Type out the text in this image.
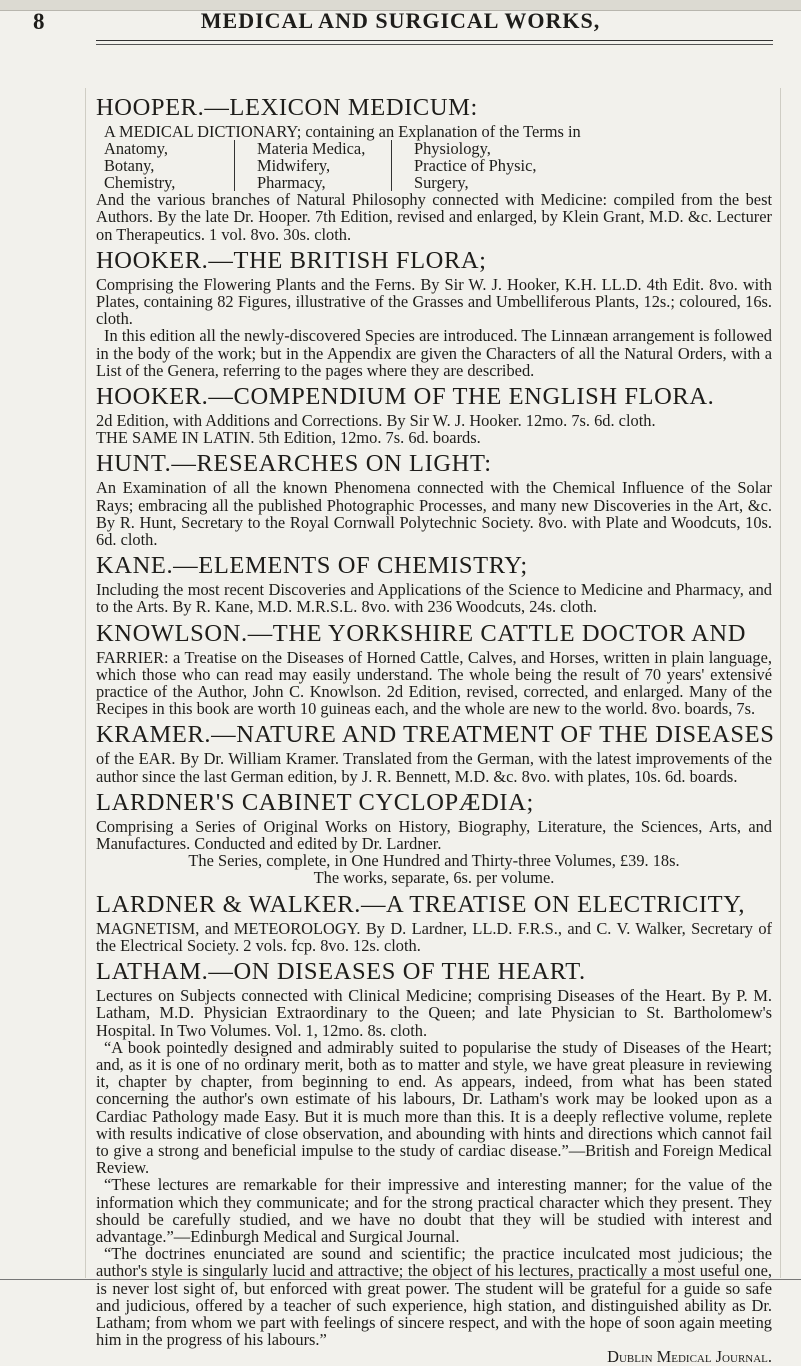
8	MEDICAL AND SURGICAL WORKS,
HOOPER.—LEXICON MEDICUM:

A MEDICAL DICTIONARY; containing an Explanation of the Terms in

Anatomy,
Botany,
Chemistry,
Materia Medica,
Midwifery,
Pharmacy,
Physiology,
Practice of Physic,
Surgery,

And the various branches of Natural Philosophy connected with Medicine: compiled from the best Authors. By the late Dr. Hooper. 7th Edition, revised and enlarged, by Klein Grant, M.D. &c. Lecturer on Therapeutics. 1 vol. 8vo. 30s. cloth.

HOOKER.—THE BRITISH FLORA;

Comprising the Flowering Plants and the Ferns. By Sir W. J. Hooker, K.H. LL.D. 4th Edit. 8vo. with Plates, containing 82 Figures, illustrative of the Grasses and Umbelliferous Plants, 12s.; coloured, 16s. cloth.

In this edition all the newly-discovered Species are introduced. The Linnæan arrangement is followed in the body of the work; but in the Appendix are given the Characters of all the Natural Orders, with a List of the Genera, referring to the pages where they are described.

HOOKER.—COMPENDIUM OF THE ENGLISH FLORA.

2d Edition, with Additions and Corrections. By Sir W. J. Hooker. 12mo. 7s. 6d. cloth.

THE SAME IN LATIN. 5th Edition, 12mo. 7s. 6d. boards.

HUNT.—RESEARCHES ON LIGHT:

An Examination of all the known Phenomena connected with the Chemical Influence of the Solar Rays; embracing all the published Photographic Processes, and many new Discoveries in the Art, &c. By R. Hunt, Secretary to the Royal Cornwall Polytechnic Society. 8vo. with Plate and Woodcuts, 10s. 6d. cloth.

KANE.—ELEMENTS OF CHEMISTRY;

Including the most recent Discoveries and Applications of the Science to Medicine and Pharmacy, and to the Arts. By R. Kane, M.D. M.R.S.L. 8vo. with 236 Woodcuts, 24s. cloth.

KNOWLSON.—THE YORKSHIRE CATTLE DOCTOR AND

FARRIER: a Treatise on the Diseases of Horned Cattle, Calves, and Horses, written in plain language, which those who can read may easily understand. The whole being the result of 70 years' extensivé practice of the Author, John C. Knowlson. 2d Edition, revised, corrected, and enlarged. Many of the Recipes in this book are worth 10 guineas each, and the whole are new to the world. 8vo. boards, 7s.

KRAMER.—NATURE AND TREATMENT OF THE DISEASES

of the EAR. By Dr. William Kramer. Translated from the German, with the latest improvements of the author since the last German edition, by J. R. Bennett, M.D. &c. 8vo. with plates, 10s. 6d. boards.

LARDNER'S CABINET CYCLOPÆDIA;

Comprising a Series of Original Works on History, Biography, Literature, the Sciences, Arts, and Manufactures. Conducted and edited by Dr. Lardner.

The Series, complete, in One Hundred and Thirty-three Volumes, £39. 18s.

The works, separate, 6s. per volume.

LARDNER & WALKER.—A TREATISE ON ELECTRICITY,

MAGNETISM, and METEOROLOGY. By D. Lardner, LL.D. F.R.S., and C. V. Walker, Secretary of the Electrical Society. 2 vols. fcp. 8vo. 12s. cloth.

LATHAM.—ON DISEASES OF THE HEART.

Lectures on Subjects connected with Clinical Medicine; comprising Diseases of the Heart. By P. M. Latham, M.D. Physician Extraordinary to the Queen; and late Physician to St. Bartholomew's Hospital. In Two Volumes. Vol. 1, 12mo. 8s. cloth.

“A book pointedly designed and admirably suited to popularise the study of Diseases of the Heart; and, as it is one of no ordinary merit, both as to matter and style, we have great pleasure in reviewing it, chapter by chapter, from beginning to end. As appears, indeed, from what has been stated concerning the author's own estimate of his labours, Dr. Latham's work may be looked upon as a Cardiac Pathology made Easy. But it is much more than this. It is a deeply reflective volume, replete with results indicative of close observation, and abounding with hints and directions which cannot fail to give a strong and beneficial impulse to the study of cardiac disease.”—British and Foreign Medical Review.

“These lectures are remarkable for their impressive and interesting manner; for the value of the information which they communicate; and for the strong practical character which they present. They should be carefully studied, and we have no doubt that they will be studied with interest and advantage.”—Edinburgh Medical and Surgical Journal.

“The doctrines enunciated are sound and scientific; the practice inculcated most judicious; the author's style is singularly lucid and attractive; the object of his lectures, practically a most useful one, is never lost sight of, but enforced with great power. The student will be grateful for a guide so safe and judicious, offered by a teacher of such experience, high station, and distinguished ability as Dr. Latham; from whom we part with feelings of sincere respect, and with the hope of soon again meeting him in the progress of his labours.”

Dublin Medical Journal.
